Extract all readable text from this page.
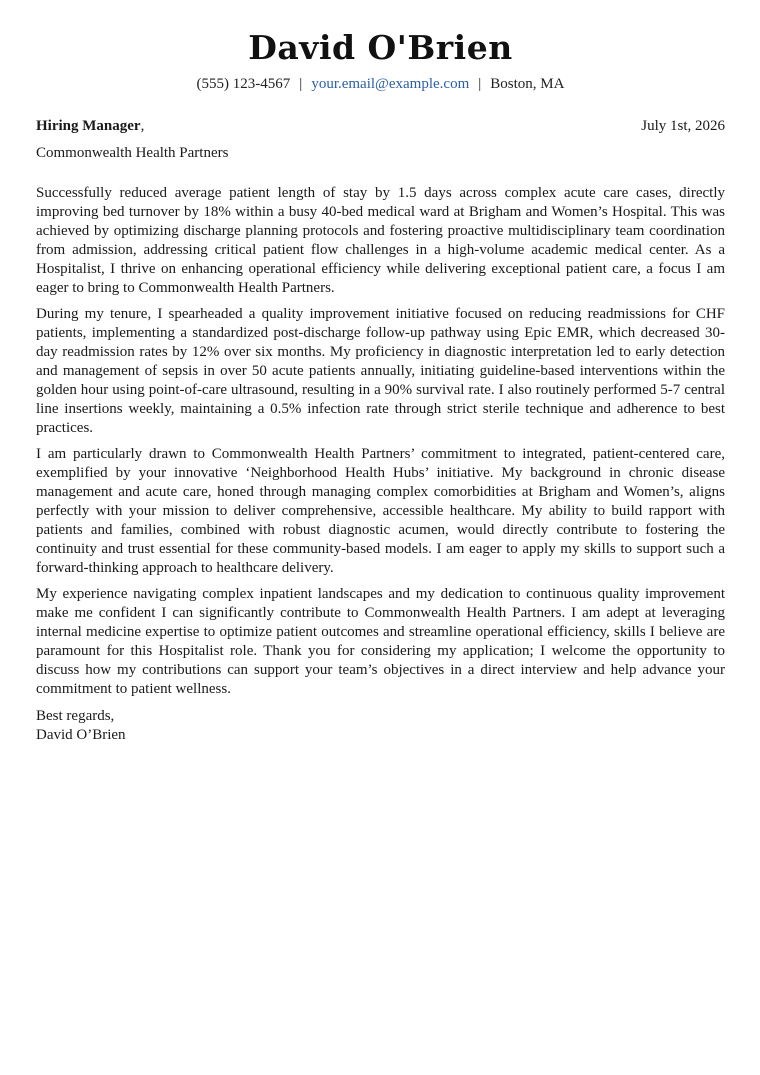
David O'Brien
(555) 123-4567 | your.email@example.com | Boston, MA
Hiring Manager,	July 1st, 2026
Commonwealth Health Partners

Successfully reduced average patient length of stay by 1.5 days across complex acute care cases, directly improving bed turnover by 18% within a busy 40-bed medical ward at Brigham and Women’s Hospital. This was achieved by optimizing discharge planning protocols and fostering proactive multidisciplinary team coordination from admission, addressing critical patient flow challenges in a high-volume academic medical center. As a Hospitalist, I thrive on enhancing operational efficiency while delivering exceptional patient care, a focus I am eager to bring to Commonwealth Health Partners.

During my tenure, I spearheaded a quality improvement initiative focused on reducing readmissions for CHF patients, implementing a standardized post-discharge follow-up pathway using Epic EMR, which decreased 30-day readmission rates by 12% over six months. My proficiency in diagnostic interpretation led to early detection and management of sepsis in over 50 acute patients annually, initiating guideline-based interventions within the golden hour using point-of-care ultrasound, resulting in a 90% survival rate. I also routinely performed 5-7 central line insertions weekly, maintaining a 0.5% infection rate through strict sterile technique and adherence to best practices.

I am particularly drawn to Commonwealth Health Partners’ commitment to integrated, patient-centered care, exemplified by your innovative ‘Neighborhood Health Hubs’ initiative. My background in chronic disease management and acute care, honed through managing complex comorbidities at Brigham and Women’s, aligns perfectly with your mission to deliver comprehensive, accessible healthcare. My ability to build rapport with patients and families, combined with robust diagnostic acumen, would directly contribute to fostering the continuity and trust essential for these community-based models. I am eager to apply my skills to support such a forward-thinking approach to healthcare delivery.

My experience navigating complex inpatient landscapes and my dedication to continuous quality improvement make me confident I can significantly contribute to Commonwealth Health Partners. I am adept at leveraging internal medicine expertise to optimize patient outcomes and streamline operational efficiency, skills I believe are paramount for this Hospitalist role. Thank you for considering my application; I welcome the opportunity to discuss how my contributions can support your team’s objectives in a direct interview and help advance your commitment to patient wellness.

Best regards,
David O’Brien
